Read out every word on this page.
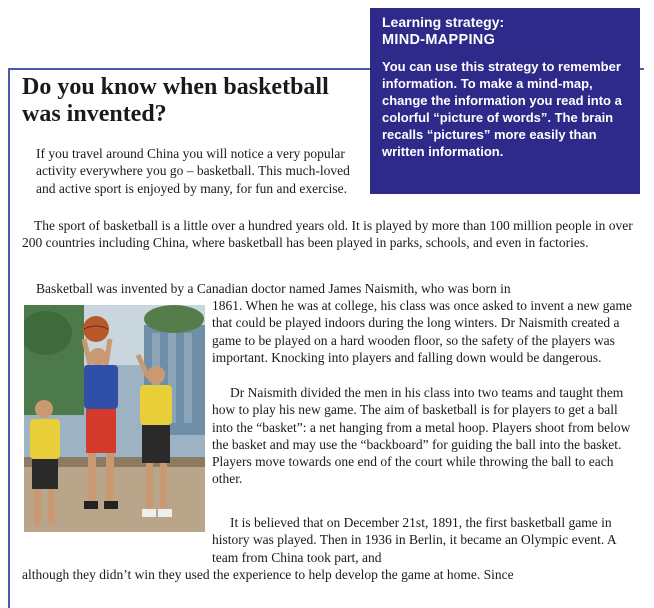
Learning strategy:
MIND-MAPPING
You can use this strategy to remember information. To make a mind-map, change the information you read into a colorful “picture of words”. The brain recalls “pictures” more easily than written information.
Do you know when basketball was invented?

If you travel around China you will notice a very popular activity everywhere you go – basketball. This much-loved and active sport is enjoyed by many, for fun and exercise.

The sport of basketball is a little over a hundred years old. It is played by more than 100 million people in over 200 countries including China, where basketball has been played in parks, schools, and even in factories.

Basketball was invented by a Canadian doctor named James Naismith, who was born in

Dr Naismith divided the men in his class into two teams and taught them how to play his new game. The aim of basketball is for players to get a ball into the “basket”: a net hanging from a metal hoop. Players shoot from below the basket and may use the “backboard” for guiding the ball into the basket. Players move towards one end of the court while throwing the ball to each other.

It is believed that on December 21st, 1891, the first basketball game in history was played. Then in 1936 in Berlin, it became an Olympic event. A team from China took part, and

1861. When he was at college, his class was once asked to invent a new game that could be played indoors during the long winters. Dr Naismith created a game to be played on a hard wooden floor, so the safety of the players was important. Knocking into players and falling down would be dangerous.

although they didn’t win they used the experience to help develop the game at home. Since
